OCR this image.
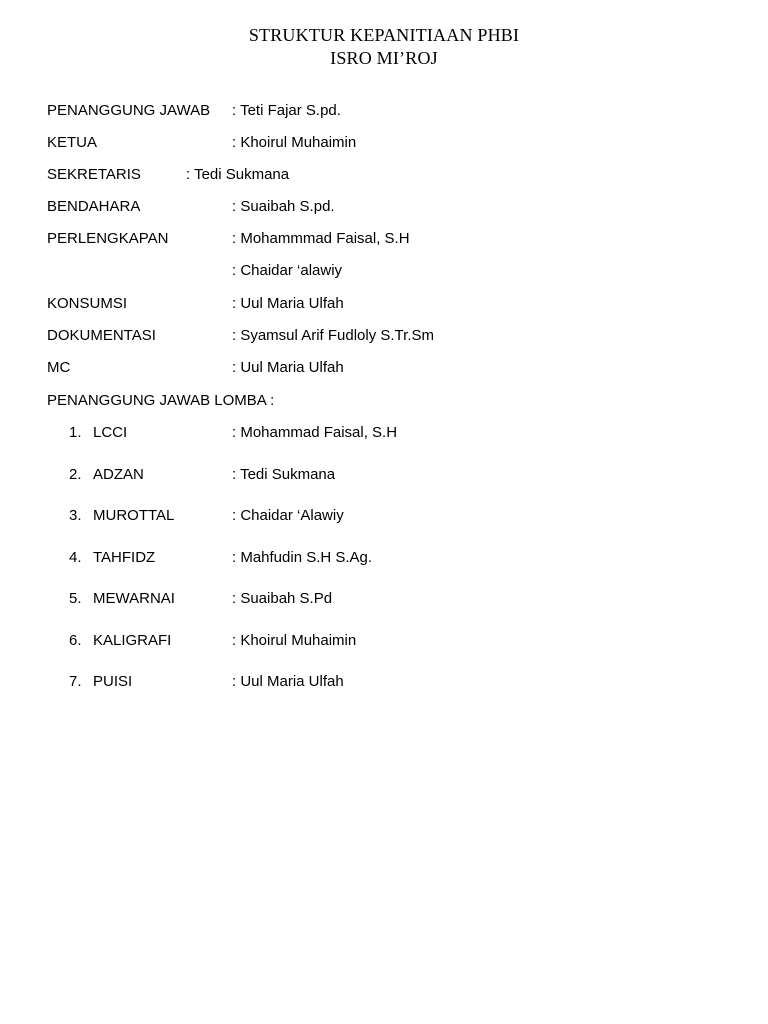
STRUKTUR KEPANITIAAN PHBI
ISRO MI’ROJ
PENANGGUNG JAWAB : Teti Fajar S.pd.
KETUA	: Khoirul Muhaimin
SEKRETARIS	: Tedi Sukmana
BENDAHARA	: Suaibah S.pd.
PERLENGKAPAN	: Mohammmad Faisal, S.H
: Chaidar ‘alawiy
KONSUMSI	: Uul Maria Ulfah
DOKUMENTASI	: Syamsul Arif Fudloly S.Tr.Sm
MC	: Uul Maria Ulfah
PENANGGUNG JAWAB LOMBA :
1. LCCI	: Mohammad Faisal, S.H
2. ADZAN	: Tedi Sukmana
3. MUROTTAL	: Chaidar ‘Alawiy
4. TAHFIDZ	: Mahfudin S.H S.Ag.
5. MEWARNAI	: Suaibah S.Pd
6. KALIGRAFI	: Khoirul Muhaimin
7. PUISI	: Uul Maria Ulfah
